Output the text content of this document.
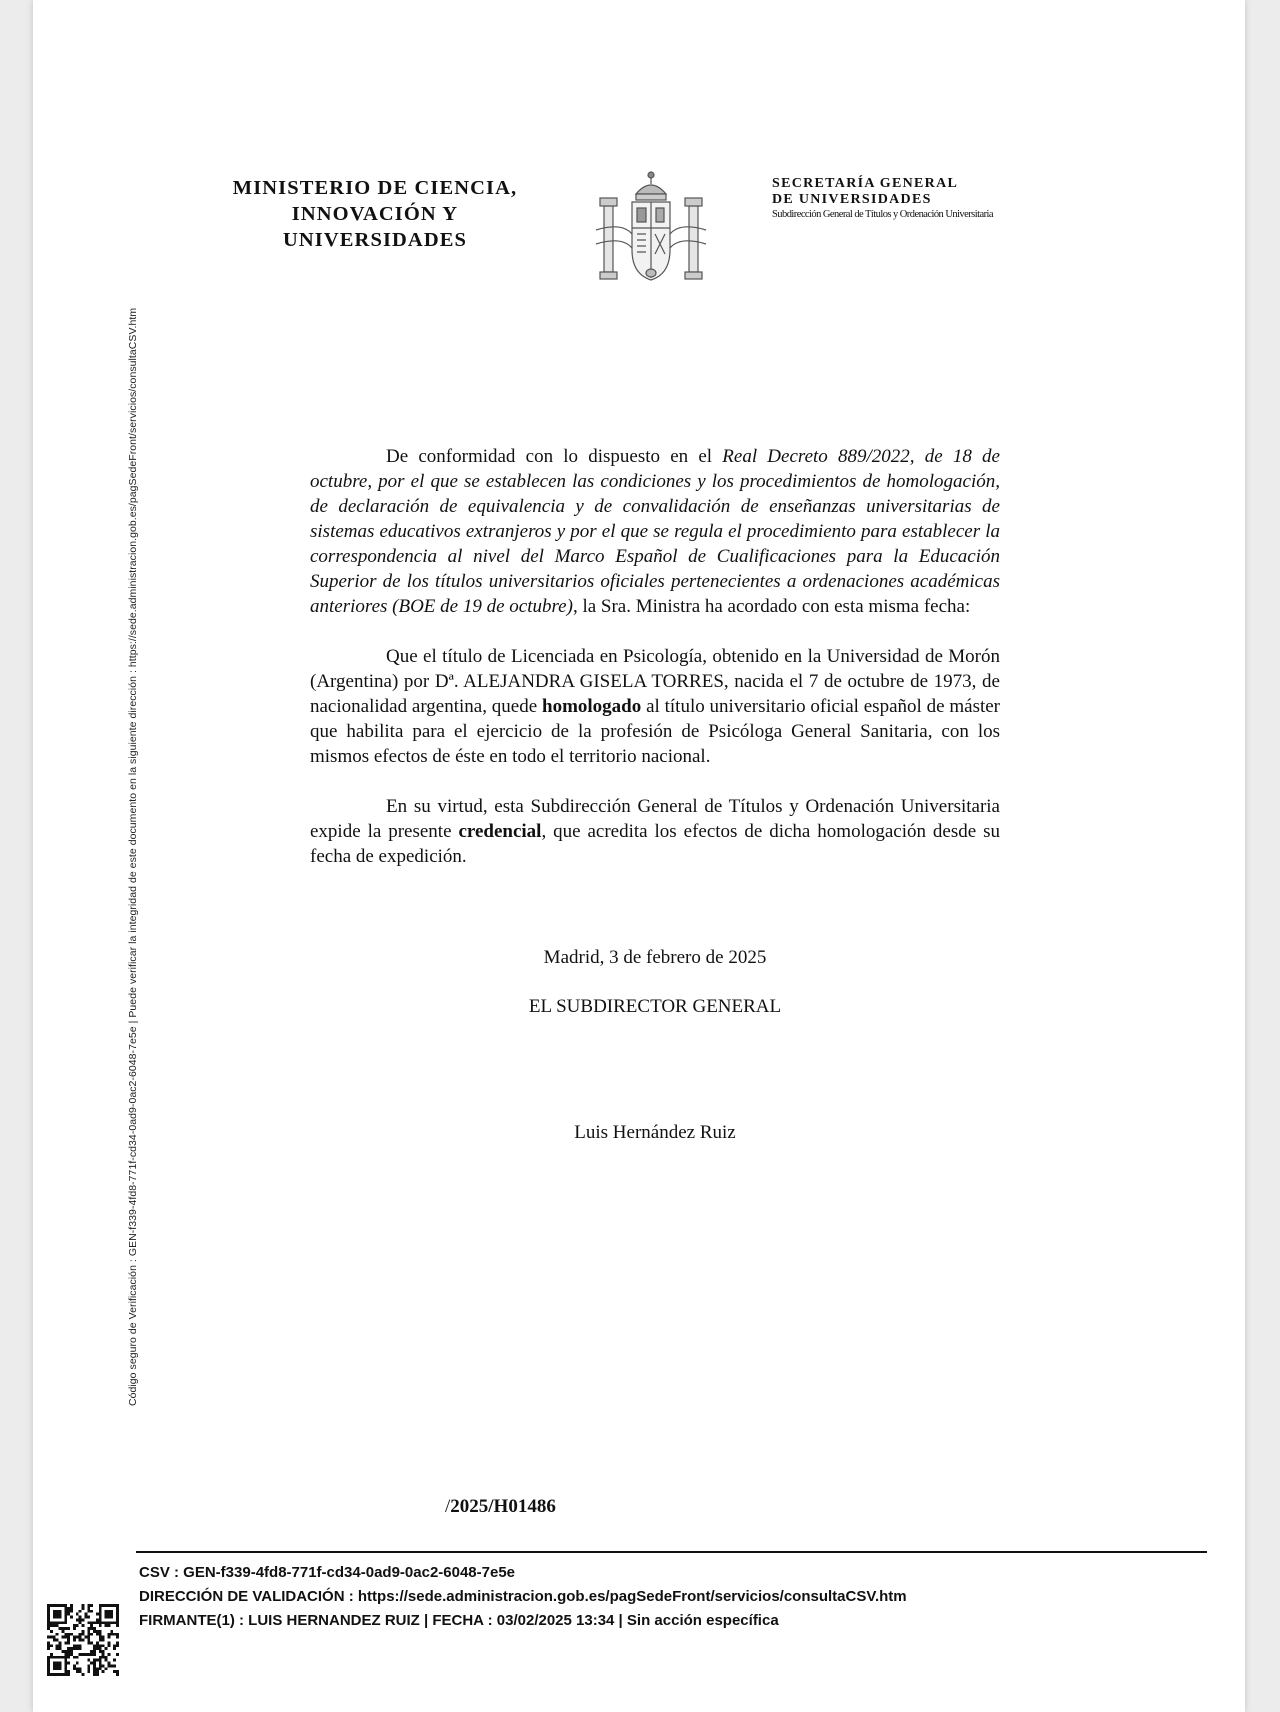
Código seguro de Verificación : GEN-f339-4fd8-771f-cd34-0ad9-0ac2-6048-7e5e | Puede verificar la integridad de este documento en la siguiente dirección : https://sede.administracion.gob.es/pagSedeFront/servicios/consultaCSV.htm
MINISTERIO DE CIENCIA,
INNOVACIÓN Y
UNIVERSIDADES
SECRETARÍA GENERAL
DE UNIVERSIDADES
Subdirección General de Títulos y Ordenación Universitaria

De conformidad con lo dispuesto en el Real Decreto 889/2022, de 18 de octubre, por el que se establecen las condiciones y los procedimientos de homologación, de declaración de equivalencia y de convalidación de enseñanzas universitarias de sistemas educativos extranjeros y por el que se regula el procedimiento para establecer la correspondencia al nivel del Marco Español de Cualificaciones para la Educación Superior de los títulos universitarios oficiales pertenecientes a ordenaciones académicas anteriores (BOE de 19 de octubre), la Sra. Ministra ha acordado con esta misma fecha:

Que el título de Licenciada en Psicología, obtenido en la Universidad de Morón (Argentina) por Dª. ALEJANDRA GISELA TORRES, nacida el 7 de octubre de 1973, de nacionalidad argentina, quede homologado al título universitario oficial español de máster que habilita para el ejercicio de la profesión de Psicóloga General Sanitaria, con los mismos efectos de éste en todo el territorio nacional.

En su virtud, esta Subdirección General de Títulos y Ordenación Universitaria expide la presente credencial, que acredita los efectos de dicha homologación desde su fecha de expedición.

Madrid, 3 de febrero de 2025
EL SUBDIRECTOR GENERAL
Luis Hernández Ruiz
/2025/H01486
CSV : GEN-f339-4fd8-771f-cd34-0ad9-0ac2-6048-7e5e
DIRECCIÓN DE VALIDACIÓN : https://sede.administracion.gob.es/pagSedeFront/servicios/consultaCSV.htm
FIRMANTE(1) : LUIS HERNANDEZ RUIZ | FECHA : 03/02/2025 13:34 | Sin acción específica
